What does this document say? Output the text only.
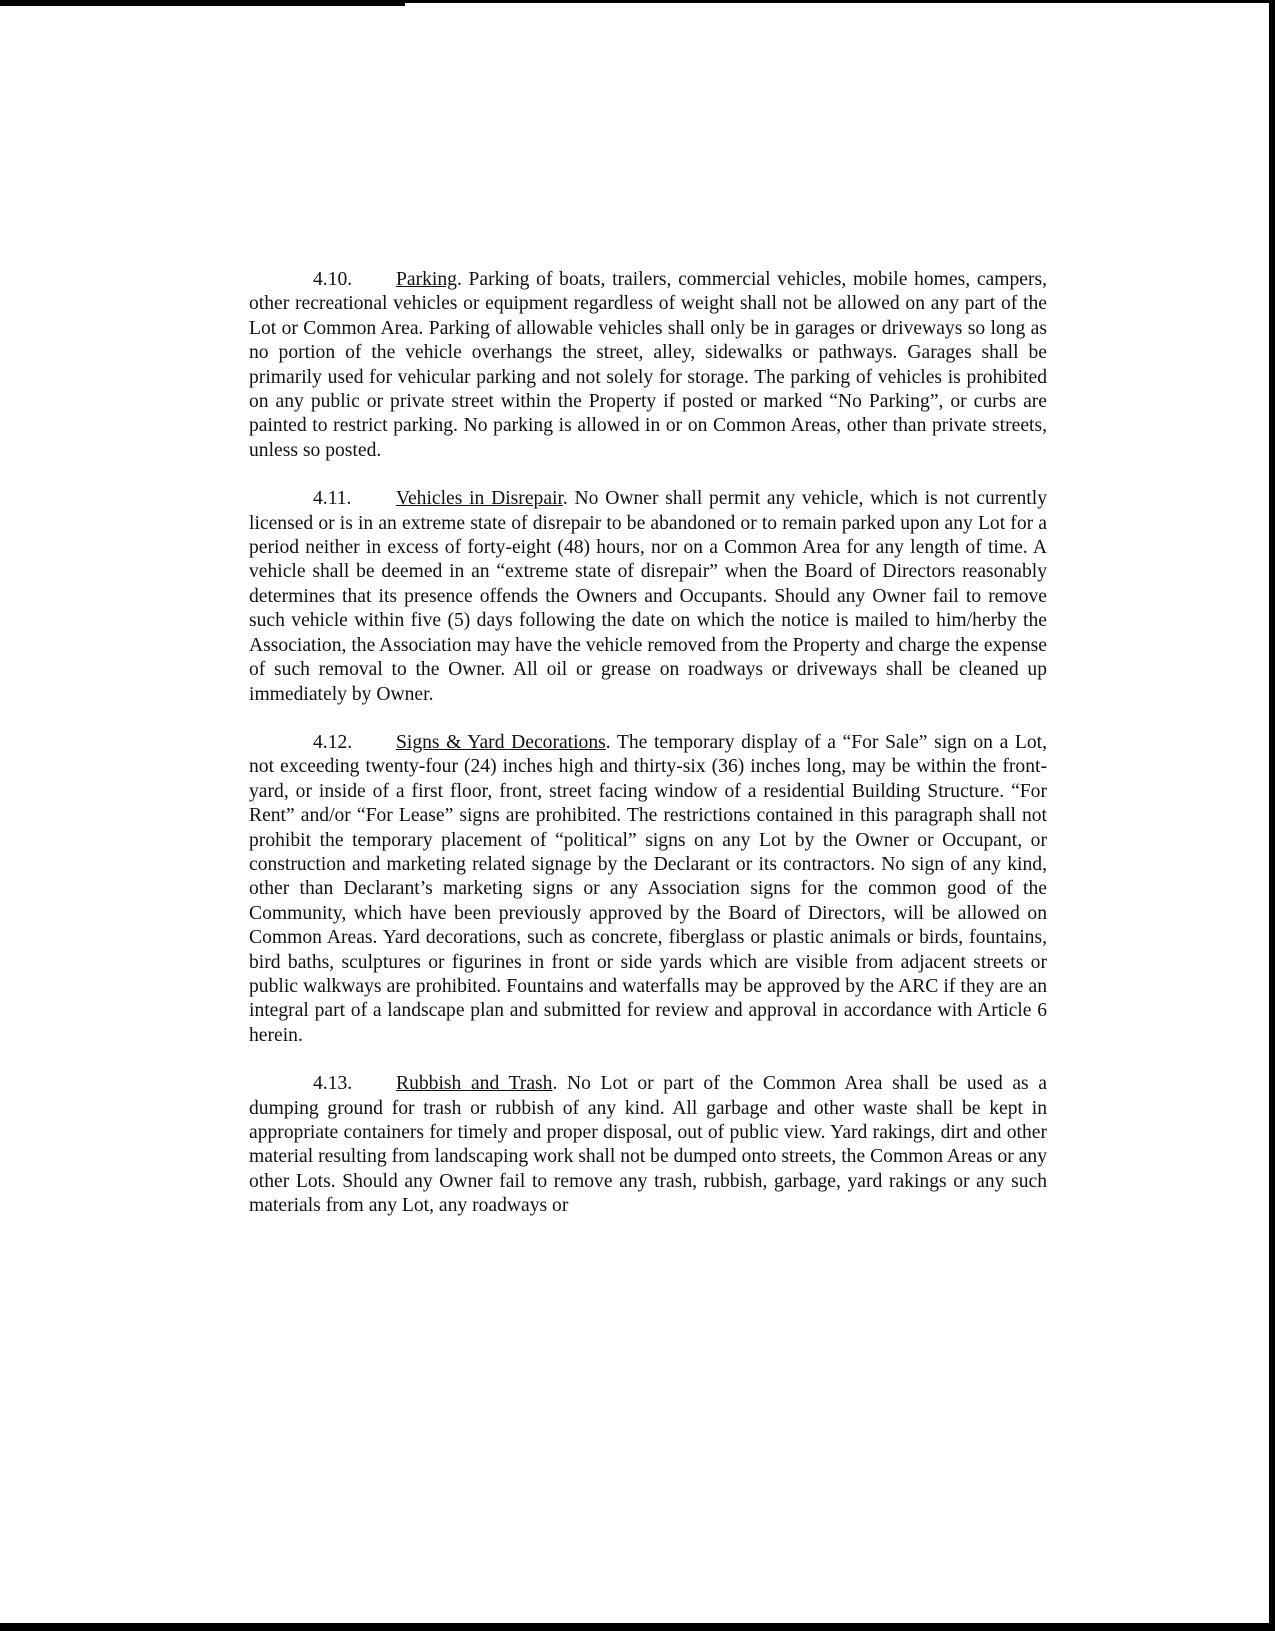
4.10. Parking. Parking of boats, trailers, commercial vehicles, mobile homes, campers, other recreational vehicles or equipment regardless of weight shall not be allowed on any part of the Lot or Common Area. Parking of allowable vehicles shall only be in garages or driveways so long as no portion of the vehicle overhangs the street, alley, sidewalks or pathways. Garages shall be primarily used for vehicular parking and not solely for storage. The parking of vehicles is prohibited on any public or private street within the Property if posted or marked “No Parking”, or curbs are painted to restrict parking. No parking is allowed in or on Common Areas, other than private streets, unless so posted.

4.11. Vehicles in Disrepair. No Owner shall permit any vehicle, which is not currently licensed or is in an extreme state of disrepair to be abandoned or to remain parked upon any Lot for a period neither in excess of forty-eight (48) hours, nor on a Common Area for any length of time. A vehicle shall be deemed in an “extreme state of disrepair” when the Board of Directors reasonably determines that its presence offends the Owners and Occupants. Should any Owner fail to remove such vehicle within five (5) days following the date on which the notice is mailed to him/herby the Association, the Association may have the vehicle removed from the Property and charge the expense of such removal to the Owner. All oil or grease on roadways or driveways shall be cleaned up immediately by Owner.

4.12. Signs & Yard Decorations. The temporary display of a “For Sale” sign on a Lot, not exceeding twenty-four (24) inches high and thirty-six (36) inches long, may be within the front-yard, or inside of a first floor, front, street facing window of a residential Building Structure. “For Rent” and/or “For Lease” signs are prohibited. The restrictions contained in this paragraph shall not prohibit the temporary placement of “political” signs on any Lot by the Owner or Occupant, or construction and marketing related signage by the Declarant or its contractors. No sign of any kind, other than Declarant’s marketing signs or any Association signs for the common good of the Community, which have been previously approved by the Board of Directors, will be allowed on Common Areas. Yard decorations, such as concrete, fiberglass or plastic animals or birds, fountains, bird baths, sculptures or figurines in front or side yards which are visible from adjacent streets or public walkways are prohibited. Fountains and waterfalls may be approved by the ARC if they are an integral part of a landscape plan and submitted for review and approval in accordance with Article 6 herein.

4.13. Rubbish and Trash. No Lot or part of the Common Area shall be used as a dumping ground for trash or rubbish of any kind. All garbage and other waste shall be kept in appropriate containers for timely and proper disposal, out of public view. Yard rakings, dirt and other material resulting from landscaping work shall not be dumped onto streets, the Common Areas or any other Lots. Should any Owner fail to remove any trash, rubbish, garbage, yard rakings or any such materials from any Lot, any roadways or
